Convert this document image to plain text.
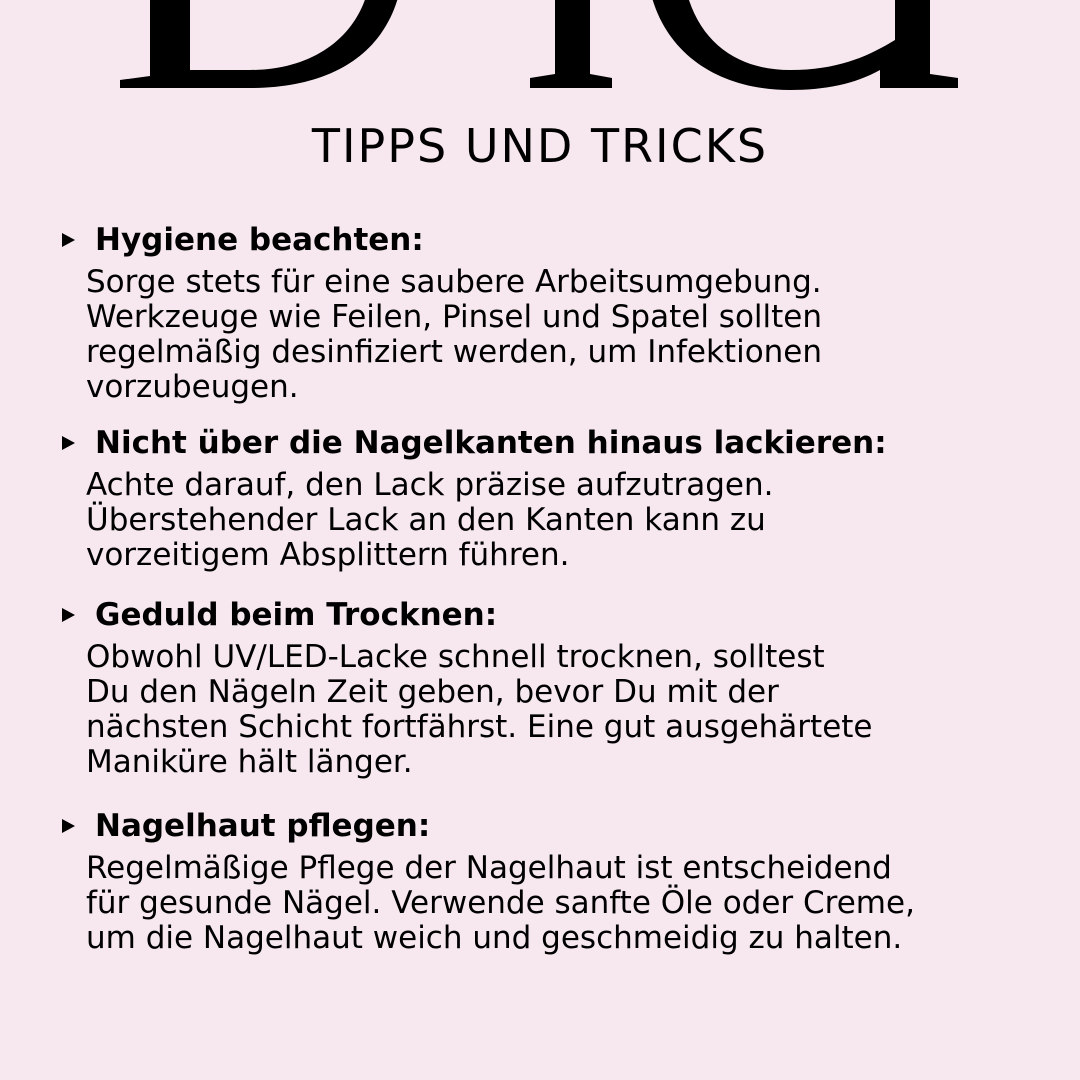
TIPPS UND TRICKS
Hygiene beachten:
Sorge stets für eine saubere Arbeitsumgebung.
Werkzeuge wie Feilen, Pinsel und Spatel sollten
regelmäßig desinfiziert werden, um Infektionen
vorzubeugen.
Nicht über die Nagelkanten hinaus lackieren:
Achte darauf, den Lack präzise aufzutragen.
Überstehender Lack an den Kanten kann zu
vorzeitigem Absplittern führen.
Geduld beim Trocknen:
Obwohl UV/LED-Lacke schnell trocknen, solltest
Du den Nägeln Zeit geben, bevor Du mit der
nächsten Schicht fortfährst. Eine gut ausgehärtete
Maniküre hält länger.
Nagelhaut pflegen:
Regelmäßige Pflege der Nagelhaut ist entscheidend
für gesunde Nägel. Verwende sanfte Öle oder Creme,
um die Nagelhaut weich und geschmeidig zu halten.
